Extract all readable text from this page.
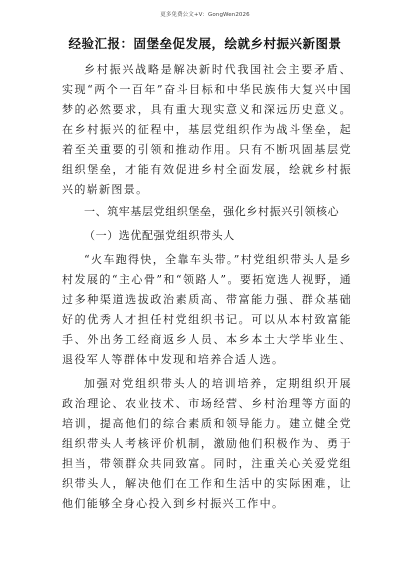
更多免费公文+V：GongWen2026
经验汇报：固堡垒促发展，绘就乡村振兴新图景

乡村振兴战略是解决新时代我国社会主要矛盾、实现“两个一百年”奋斗目标和中华民族伟大复兴中国梦的必然要求，具有重大现实意义和深远历史意义。在乡村振兴的征程中，基层党组织作为战斗堡垒，起着至关重要的引领和推动作用。只有不断巩固基层党组织堡垒，才能有效促进乡村全面发展，绘就乡村振兴的崭新图景。

一、筑牢基层党组织堡垒，强化乡村振兴引领核心

（一）选优配强党组织带头人

“火车跑得快，全靠车头带。”村党组织带头人是乡村发展的“主心骨”和“领路人”。要拓宽选人视野，通过多种渠道选拔政治素质高、带富能力强、群众基础好的优秀人才担任村党组织书记。可以从本村致富能手、外出务工经商返乡人员、本乡本土大学毕业生、退役军人等群体中发现和培养合适人选。

加强对党组织带头人的培训培养，定期组织开展政治理论、农业技术、市场经营、乡村治理等方面的培训，提高他们的综合素质和领导能力。建立健全党组织带头人考核评价机制，激励他们积极作为、勇于担当，带领群众共同致富。同时，注重关心关爱党组织带头人，解决他们在工作和生活中的实际困难，让他们能够全身心投入到乡村振兴工作中。
